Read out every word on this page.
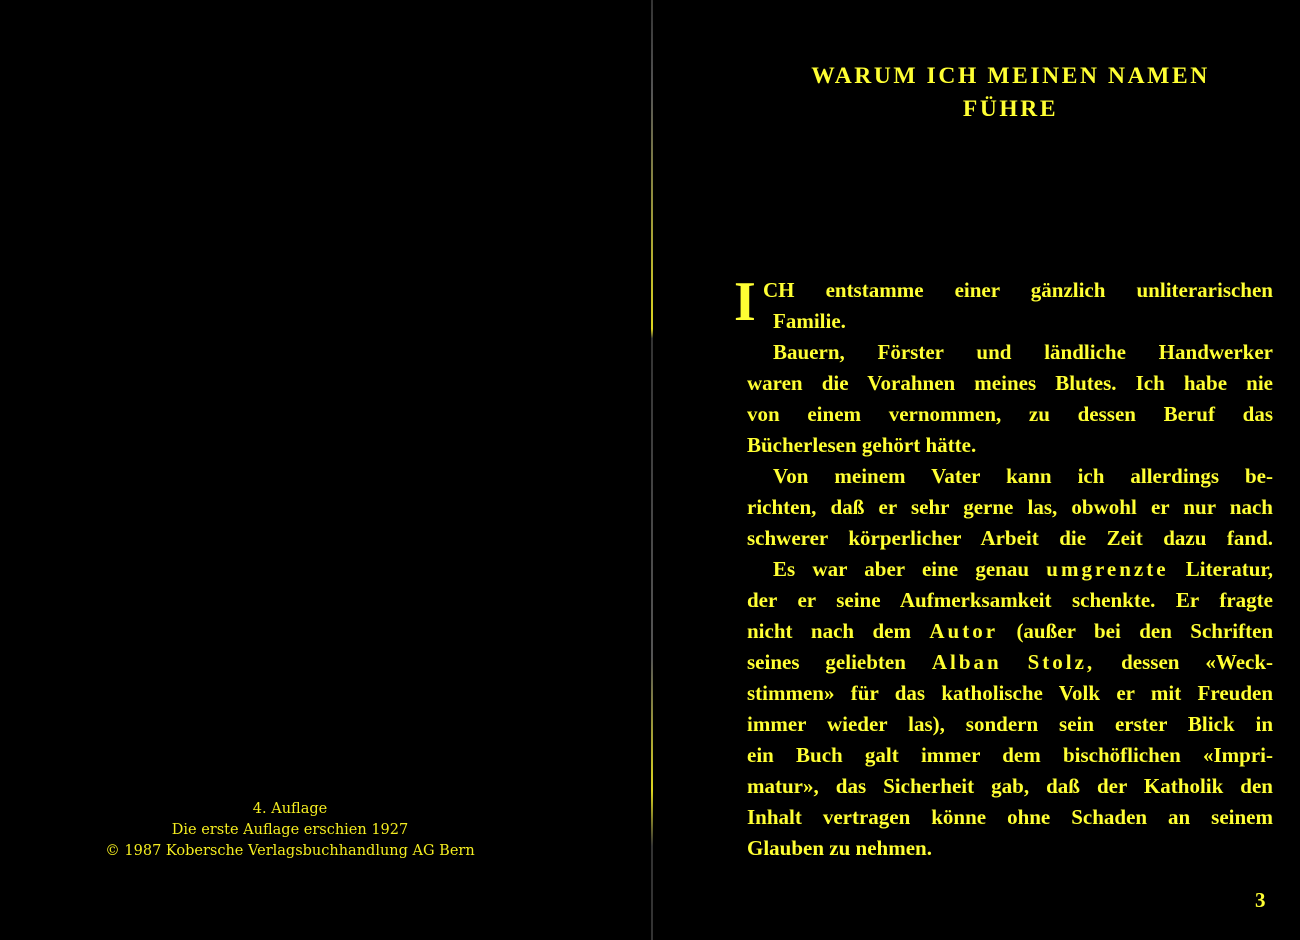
4. Auflage
Die erste Auflage erschien 1927
© 1987 Kobersche Verlagsbuchhandlung AG Bern
WARUM ICH MEINEN NAMEN
FÜHRE
I CH entstamme einer gänzlich unliterarischen
Familie.
Bauern, Förster und ländliche Handwerker
waren die Vorahnen meines Blutes. Ich habe nie
von einem vernommen, zu dessen Beruf das
Bücherlesen gehört hätte.
Von meinem Vater kann ich allerdings be-
richten, daß er sehr gerne las, obwohl er nur nach
schwerer körperlicher Arbeit die Zeit dazu fand.
Es war aber eine genau umgrenzte Literatur,
der er seine Aufmerksamkeit schenkte. Er fragte
nicht nach dem Autor (außer bei den Schriften
seines geliebten Alban Stolz, dessen «Weck-
stimmen» für das katholische Volk er mit Freuden
immer wieder las), sondern sein erster Blick in
ein Buch galt immer dem bischöflichen «Impri-
matur», das Sicherheit gab, daß der Katholik den
Inhalt vertragen könne ohne Schaden an seinem
Glauben zu nehmen.
3
